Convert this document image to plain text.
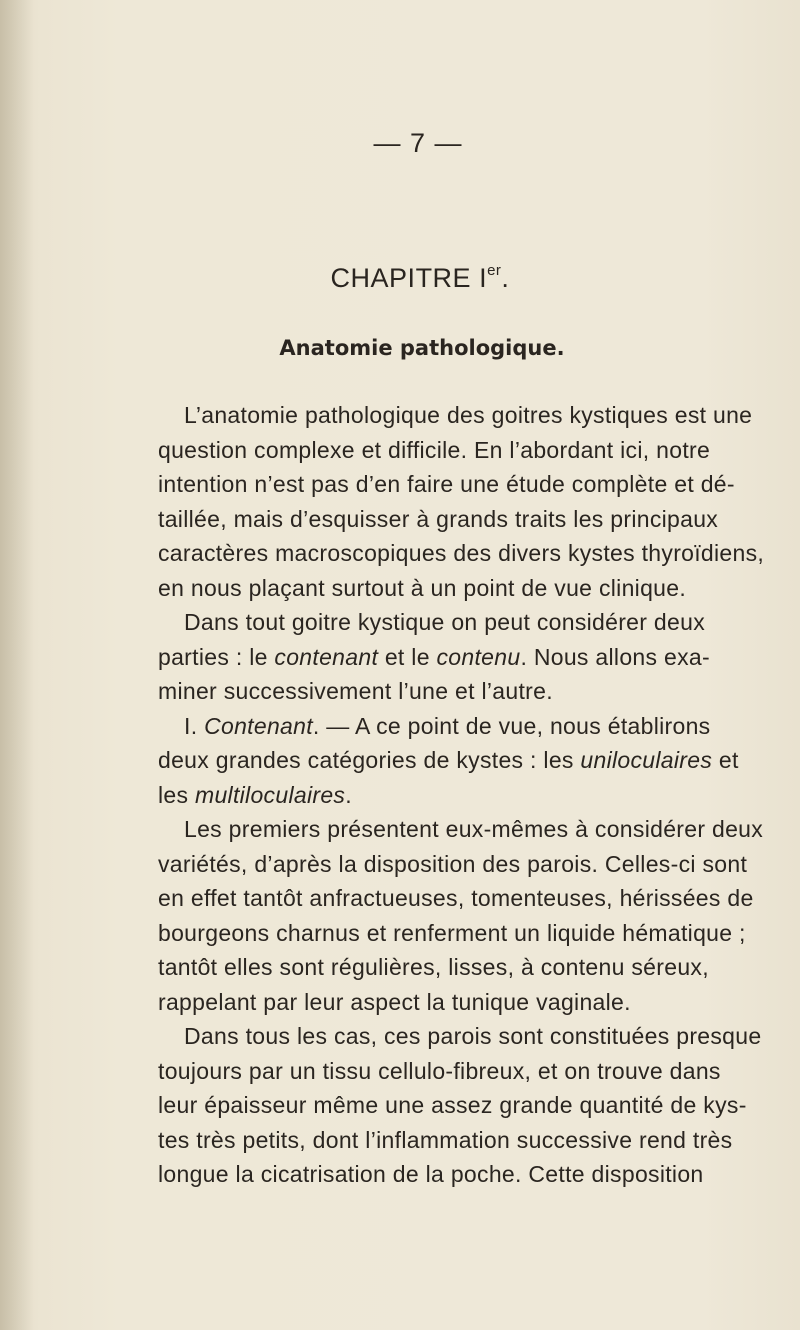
— 7 —
CHAPITRE Ier.
Anatomie pathologique.
L’anatomie pathologique des goitres kystiques est une
question complexe et difficile. En l’abordant ici, notre
intention n’est pas d’en faire une étude complète et dé-
taillée, mais d’esquisser à grands traits les principaux
caractères macroscopiques des divers kystes thyroïdiens,
en nous plaçant surtout à un point de vue clinique.
Dans tout goitre kystique on peut considérer deux
parties : le contenant et le contenu. Nous allons exa-
miner successivement l’une et l’autre.
I. Contenant. — A ce point de vue, nous établirons
deux grandes catégories de kystes : les uniloculaires et
les multiloculaires.
Les premiers présentent eux-mêmes à considérer deux
variétés, d’après la disposition des parois. Celles-ci sont
en effet tantôt anfractueuses, tomenteuses, hérissées de
bourgeons charnus et renferment un liquide hématique ;
tantôt elles sont régulières, lisses, à contenu séreux,
rappelant par leur aspect la tunique vaginale.
Dans tous les cas, ces parois sont constituées presque
toujours par un tissu cellulo-fibreux, et on trouve dans
leur épaisseur même une assez grande quantité de kys-
tes très petits, dont l’inflammation successive rend très
longue la cicatrisation de la poche. Cette disposition
